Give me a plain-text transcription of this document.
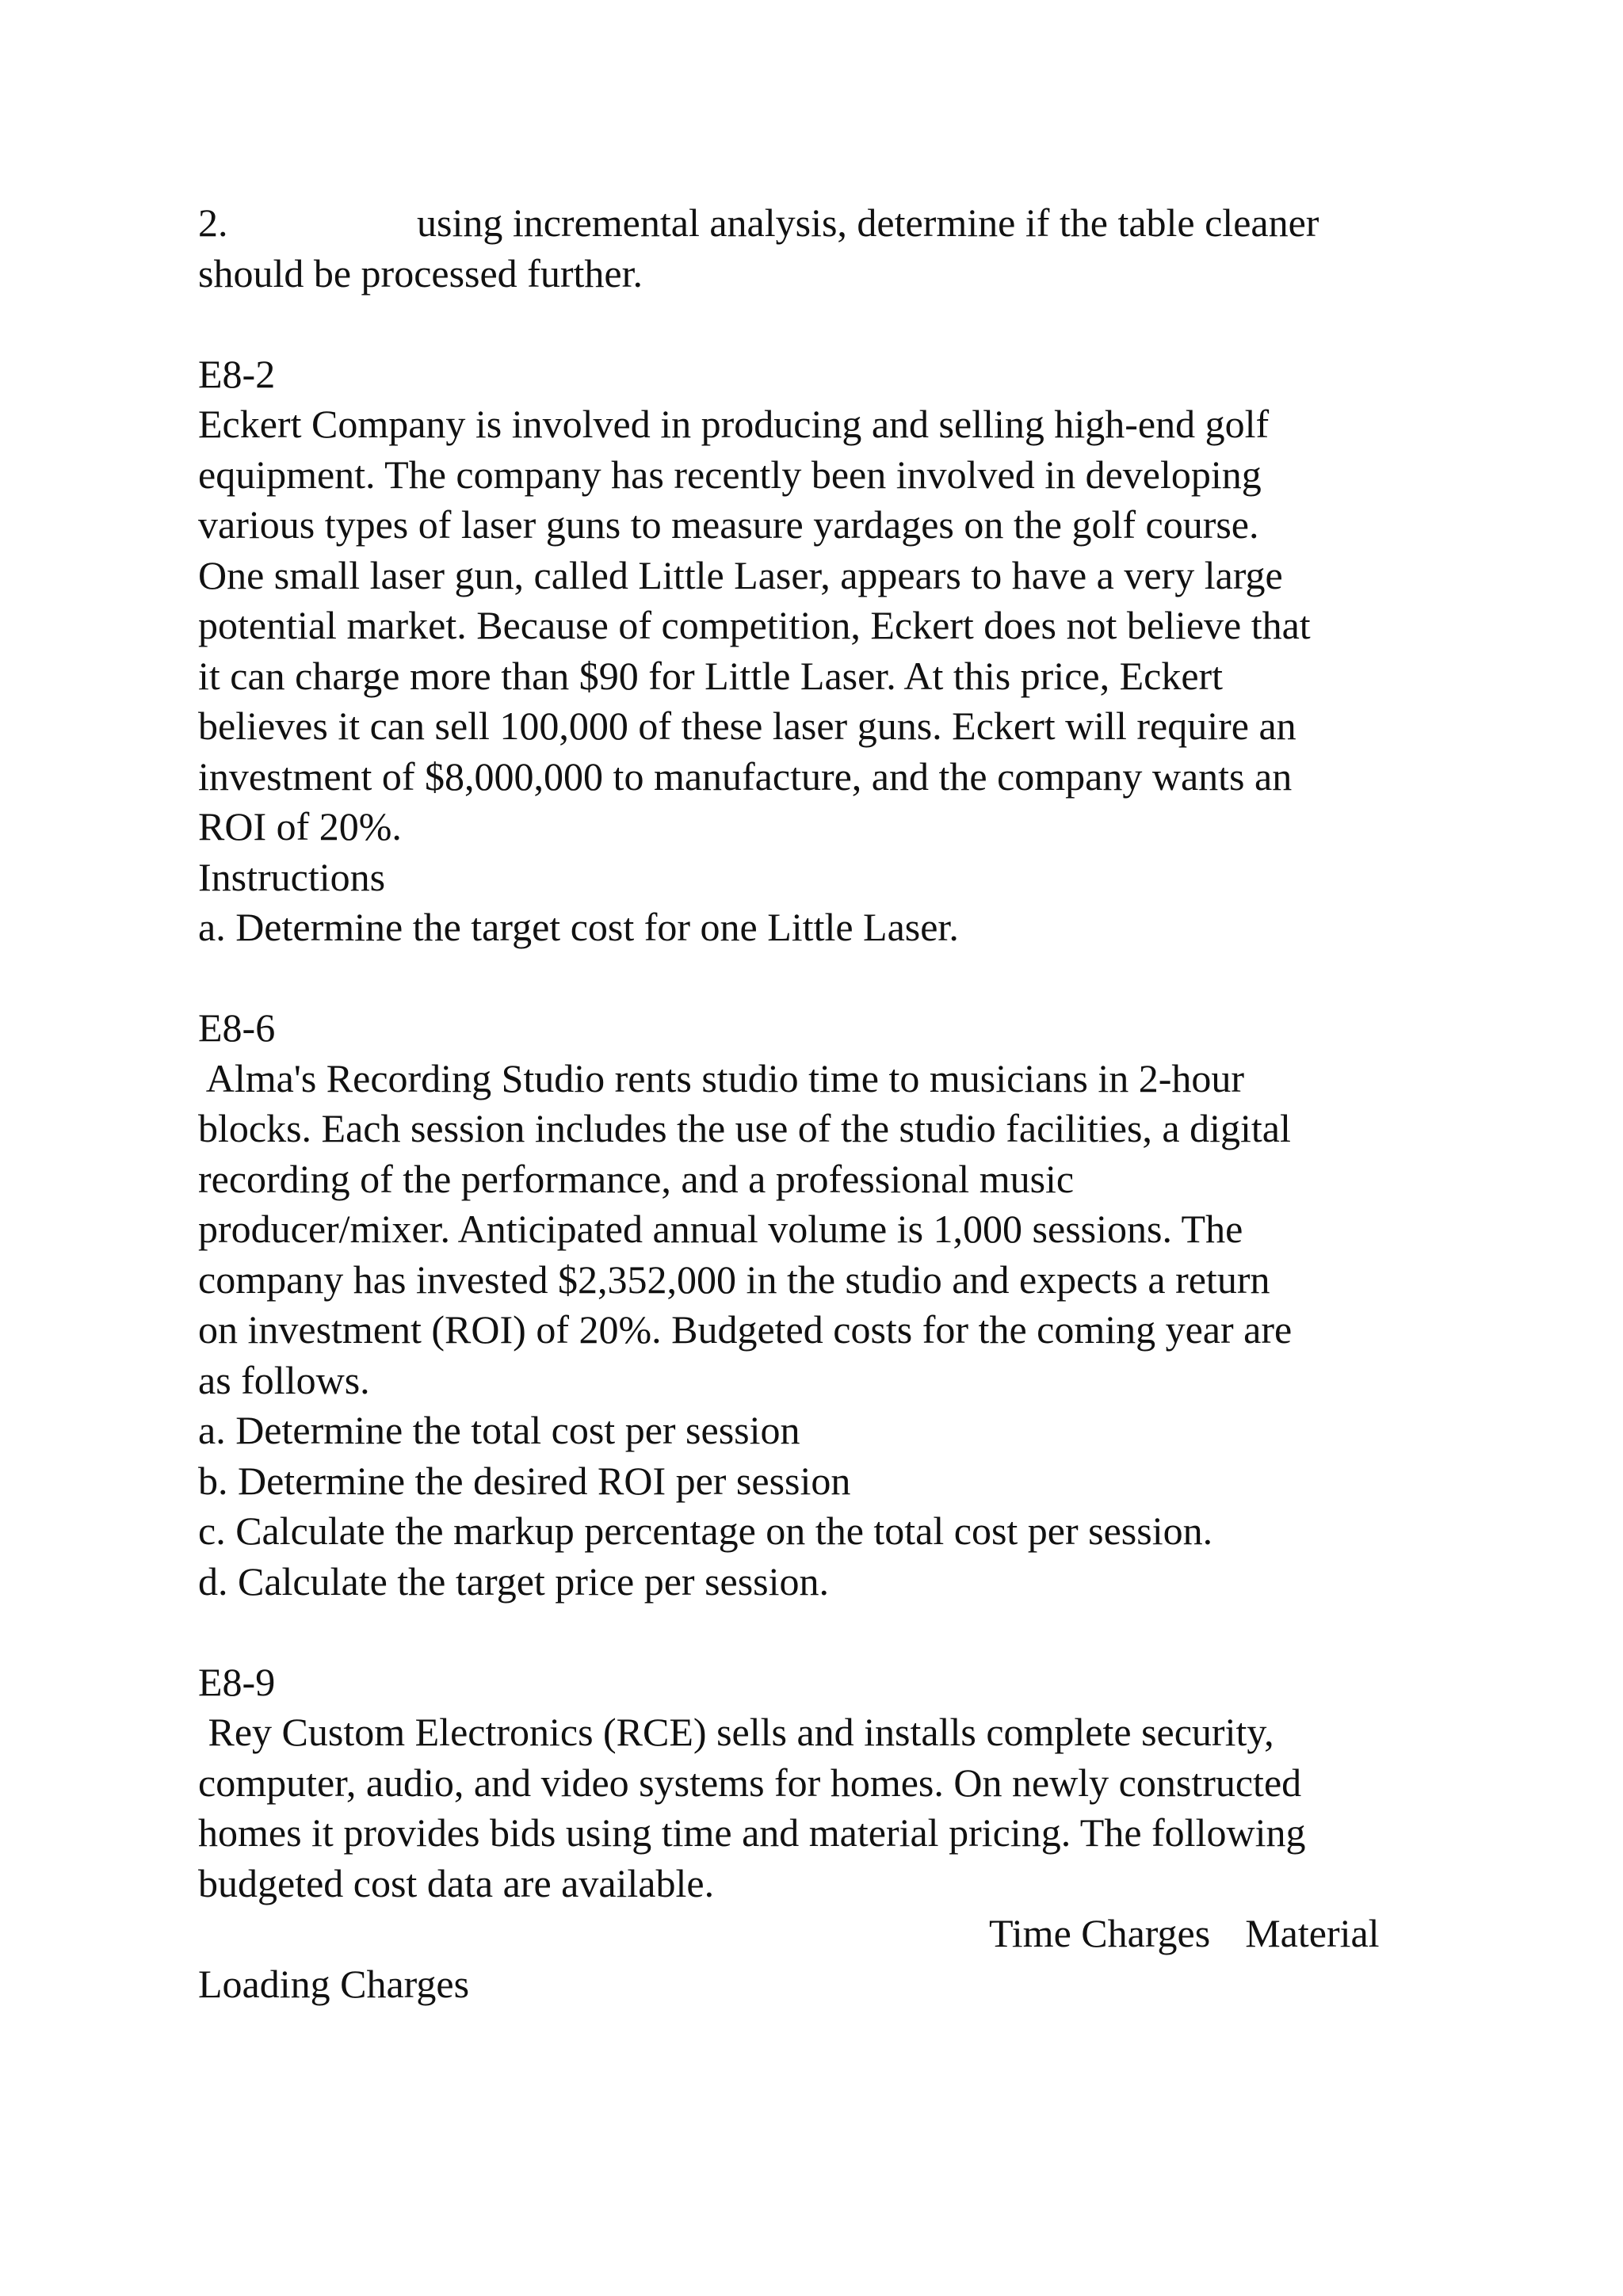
2.	using incremental analysis, determine if the table cleaner
should be processed further.
E8-2
Eckert Company is involved in producing and selling high-end golf
equipment. The company has recently been involved in developing
various types of laser guns to measure yardages on the golf course.
One small laser gun, called Little Laser, appears to have a very large
potential market. Because of competition, Eckert does not believe that
it can charge more than $90 for Little Laser. At this price, Eckert
believes it can sell 100,000 of these laser guns. Eckert will require an
investment of $8,000,000 to manufacture, and the company wants an
ROI of 20%.
Instructions
a. Determine the target cost for one Little Laser.
E8-6
Alma's Recording Studio rents studio time to musicians in 2-hour
blocks. Each session includes the use of the studio facilities, a digital
recording of the performance, and a professional music
producer/mixer. Anticipated annual volume is 1,000 sessions. The
company has invested $2,352,000 in the studio and expects a return
on investment (ROI) of 20%. Budgeted costs for the coming year are
as follows.
a. Determine the total cost per session
b. Determine the desired ROI per session
c. Calculate the markup percentage on the total cost per session.
d. Calculate the target price per session.
E8-9
Rey Custom Electronics (RCE) sells and installs complete security,
computer, audio, and video systems for homes. On newly constructed
homes it provides bids using time and material pricing. The following
budgeted cost data are available.
Time Charges Material
Loading Charges
